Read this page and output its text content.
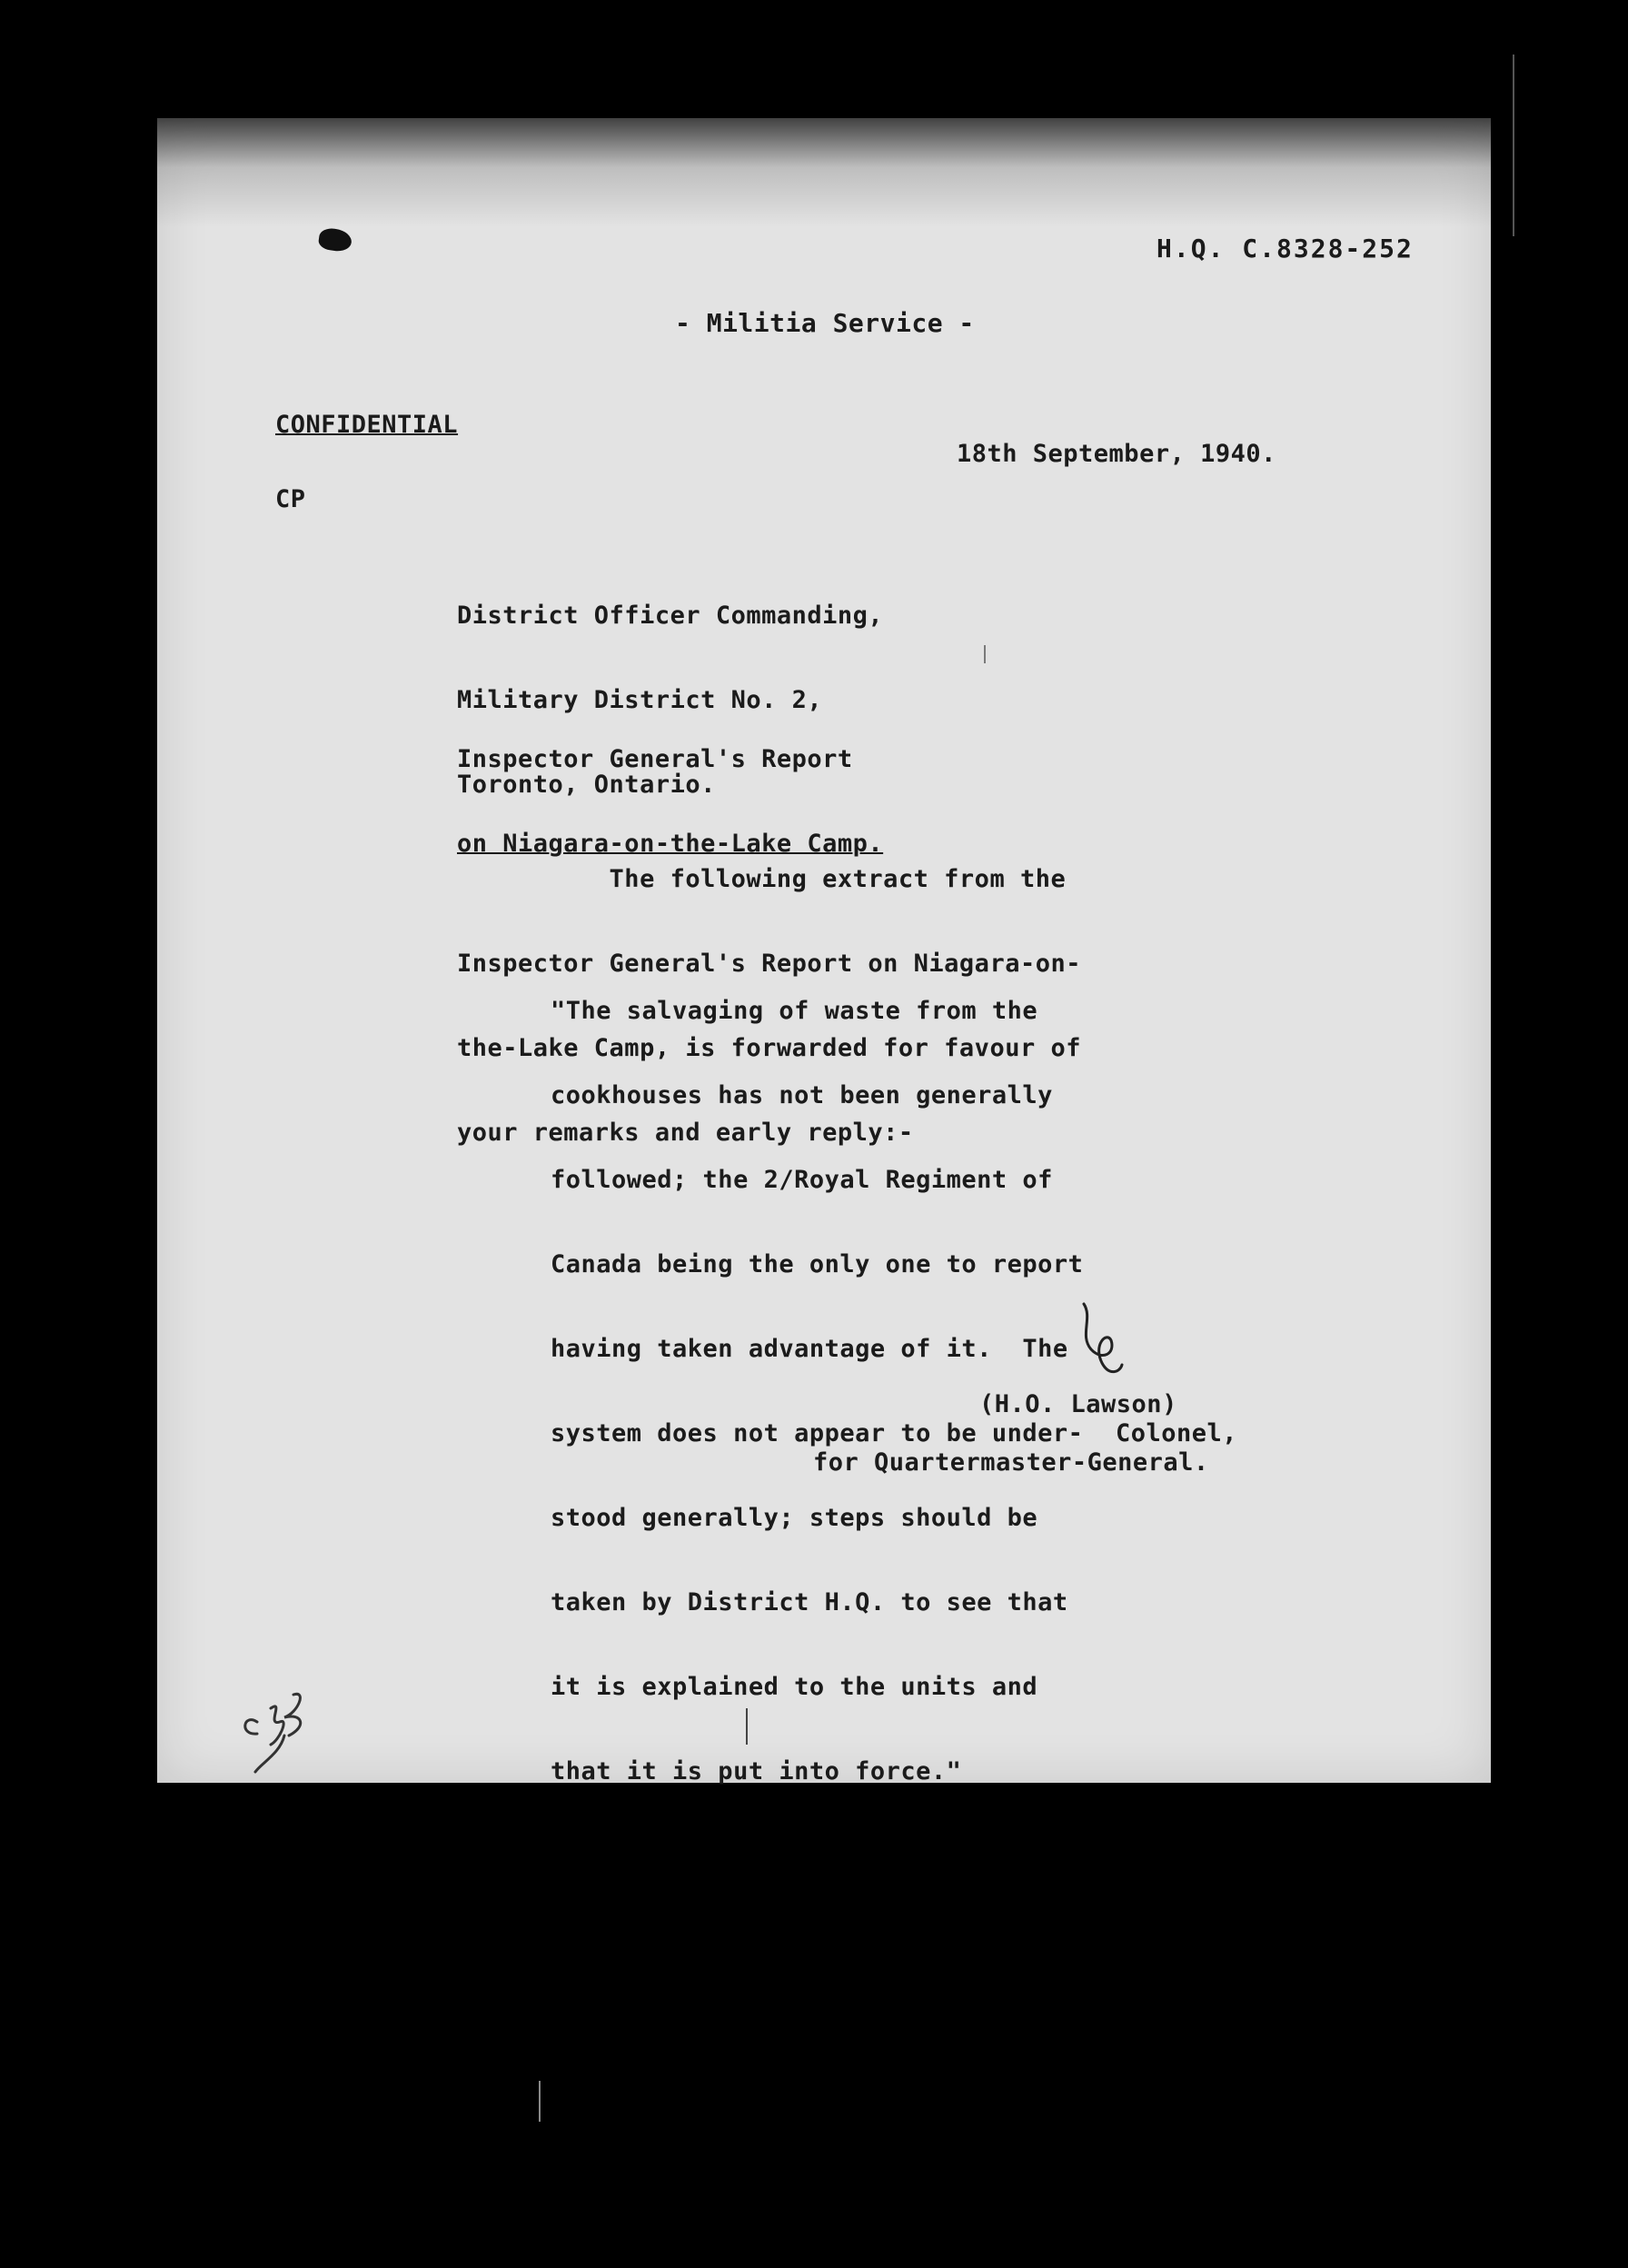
H.Q. C.8328-252
- Militia Service -
CONFIDENTIAL
18th September, 1940.
CP

District Officer Commanding,

Military District No. 2,

Toronto, Ontario.

Inspector General's Report

on Niagara-on-the-Lake Camp.

The following extract from the

Inspector General's Report on Niagara-on-

the-Lake Camp, is forwarded for favour of

your remarks and early reply:-

"The salvaging of waste from the

cookhouses has not been generally

followed; the 2/Royal Regiment of

Canada being the only one to report

having taken advantage of it.  The

system does not appear to be under-

stood generally; steps should be

taken by District H.Q. to see that

it is explained to the units and

that it is put into force."

(H.O. Lawson)
Colonel,
for Quartermaster-General.
